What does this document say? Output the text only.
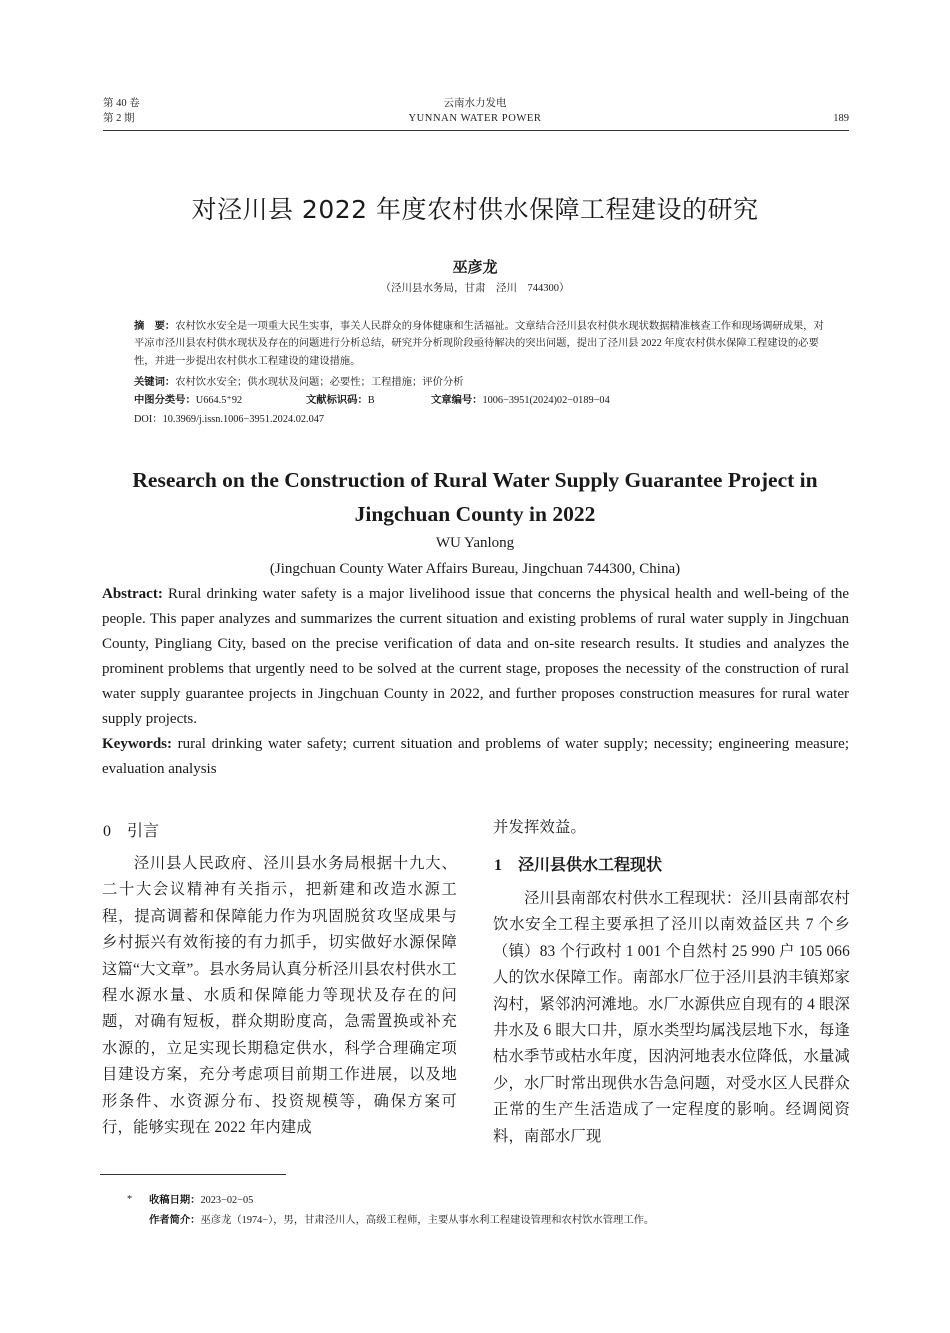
第 40 卷
第 2 期
云南水力发电
YUNNAN WATER POWER	189
对泾川县 2022 年度农村供水保障工程建设的研究
巫彦龙
（泾川县水务局，甘肃　泾川　744300）
摘　要：农村饮水安全是一项重大民生实事，事关人民群众的身体健康和生活福祉。文章结合泾川县农村供水现状数据精准核查工作和现场调研成果，对平凉市泾川县农村供水现状及存在的问题进行分析总结，研究并分析现阶段亟待解决的突出问题，提出了泾川县 2022 年度农村供水保障工程建设的必要性，并进一步提出农村供水工程建设的建设措施。
关键词：农村饮水安全；供水现状及问题；必要性；工程措施；评价分析
中图分类号：U664.5⁺92	文献标识码：B	文章编号：1006−3951(2024)02−0189−04
DOI：10.3969/j.issn.1006−3951.2024.02.047
Research on the Construction of Rural Water Supply Guarantee Project in Jingchuan County in 2022
WU Yanlong
(Jingchuan County Water Affairs Bureau, Jingchuan 744300, China)
Abstract: Rural drinking water safety is a major livelihood issue that concerns the physical health and well-being of the people. This paper analyzes and summarizes the current situation and existing problems of rural water supply in Jingchuan County, Pingliang City, based on the precise verification of data and on-site research results. It studies and analyzes the prominent problems that urgently need to be solved at the current stage, proposes the necessity of the construction of rural water supply guarantee projects in Jingchuan County in 2022, and further proposes construction measures for rural water supply projects.
Keywords: rural drinking water safety; current situation and problems of water supply; necessity; engineering measure; evaluation analysis
0　引言
泾川县人民政府、泾川县水务局根据十九大、二十大会议精神有关指示，把新建和改造水源工程，提高调蓄和保障能力作为巩固脱贫攻坚成果与乡村振兴有效衔接的有力抓手，切实做好水源保障这篇“大文章”。县水务局认真分析泾川县农村供水工程水源水量、水质和保障能力等现状及存在的问题，对确有短板，群众期盼度高，急需置换或补充水源的，立足实现长期稳定供水，科学合理确定项目建设方案，充分考虑项目前期工作进展，以及地形条件、水资源分布、投资规模等，确保方案可行，能够实现在 2022 年内建成
并发挥效益。
1　泾川县供水工程现状
泾川县南部农村供水工程现状：泾川县南部农村饮水安全工程主要承担了泾川以南效益区共 7 个乡（镇）83 个行政村 1 001 个自然村 25 990 户 105 066 人的饮水保障工作。南部水厂位于泾川县汭丰镇郑家沟村，紧邻汭河滩地。水厂水源供应自现有的 4 眼深井水及 6 眼大口井，原水类型均属浅层地下水，每逢枯水季节或枯水年度，因汭河地表水位降低，水量减少，水厂时常出现供水告急问题，对受水区人民群众正常的生产生活造成了一定程度的影响。经调阅资料，南部水厂现
* 收稿日期：2023−02−05
作者简介：巫彦龙（1974−），男，甘肃泾川人，高级工程师，主要从事水利工程建设管理和农村饮水管理工作。
